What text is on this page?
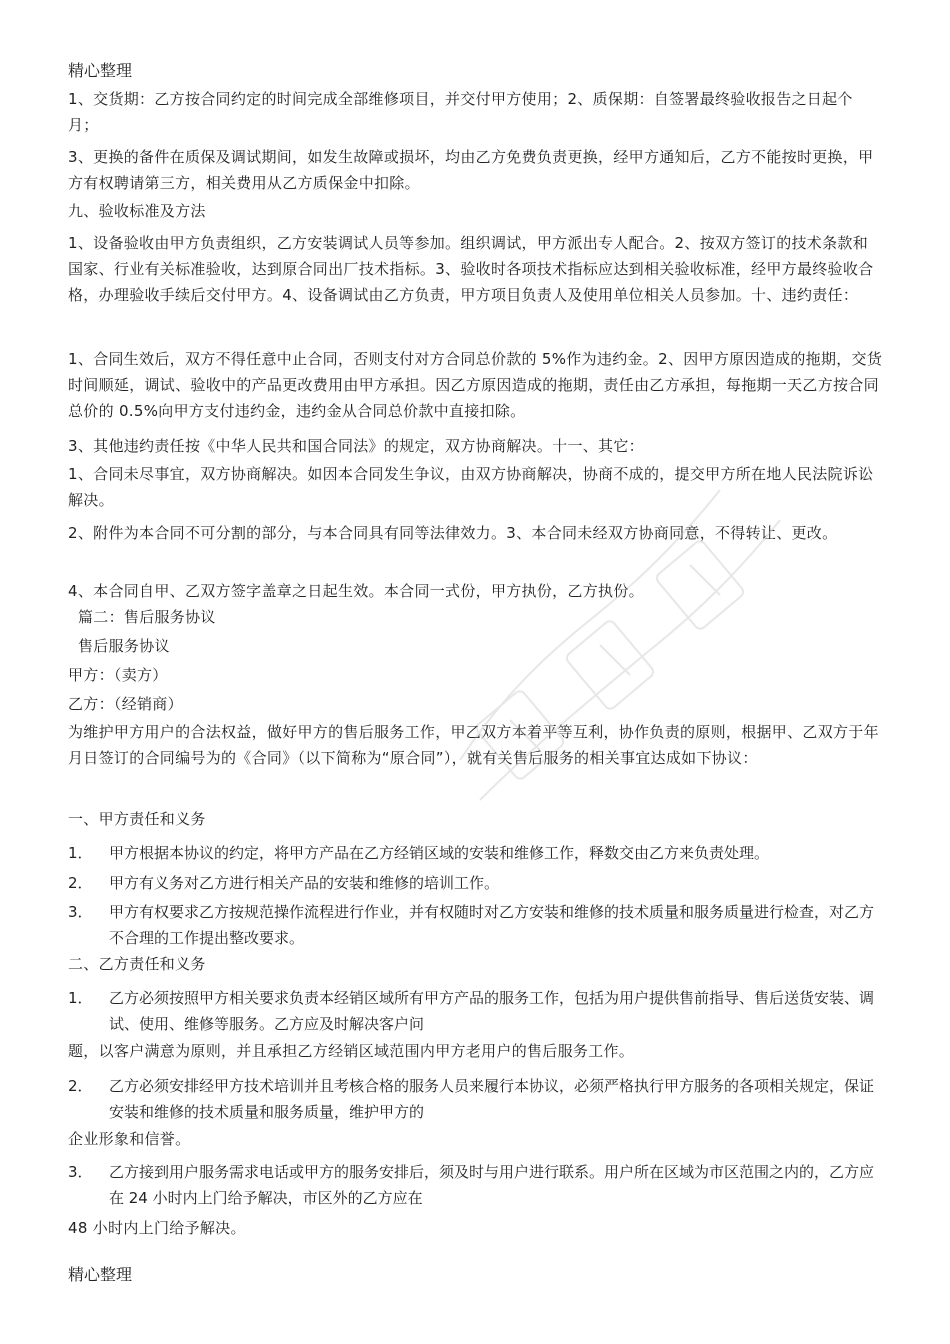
精心整理
1、交货期：乙方按合同约定的时间完成全部维修项目，并交付甲方使用；2、质保期：自签署最终验收报告之日起个月；
3、更换的备件在质保及调试期间，如发生故障或损坏，均由乙方免费负责更换，经甲方通知后，乙方不能按时更换，甲方有权聘请第三方，相关费用从乙方质保金中扣除。
九、验收标准及方法
1、设备验收由甲方负责组织，乙方安装调试人员等参加。组织调试，甲方派出专人配合。2、按双方签订的技术条款和国家、行业有关标准验收，达到原合同出厂技术指标。3、验收时各项技术指标应达到相关验收标准，经甲方最终验收合格，办理验收手续后交付甲方。4、设备调试由乙方负责，甲方项目负责人及使用单位相关人员参加。十、违约责任：
1、合同生效后，双方不得任意中止合同，否则支付对方合同总价款的 5%作为违约金。2、因甲方原因造成的拖期，交货时间顺延，调试、验收中的产品更改费用由甲方承担。因乙方原因造成的拖期，责任由乙方承担，每拖期一天乙方按合同总价的 0.5%向甲方支付违约金，违约金从合同总价款中直接扣除。
3、其他违约责任按《中华人民共和国合同法》的规定，双方协商解决。十一、其它：
1、合同未尽事宜，双方协商解决。如因本合同发生争议，由双方协商解决，协商不成的，提交甲方所在地人民法院诉讼解决。
2、附件为本合同不可分割的部分，与本合同具有同等法律效力。3、本合同未经双方协商同意，不得转让、更改。
4、本合同自甲、乙双方签字盖章之日起生效。本合同一式份，甲方执份，乙方执份。
篇二：售后服务协议
售后服务协议
甲方：（卖方）
乙方：（经销商）
为维护甲方用户的合法权益，做好甲方的售后服务工作，甲乙双方本着平等互利，协作负责的原则，根据甲、乙双方于年月日签订的合同编号为的《合同》（以下简称为“原合同”），就有关售后服务的相关事宜达成如下协议：
一、甲方责任和义务
1．	甲方根据本协议的约定，将甲方产品在乙方经销区域的安装和维修工作，释数交由乙方来负责处理。
2．	甲方有义务对乙方进行相关产品的安装和维修的培训工作。
3．	甲方有权要求乙方按规范操作流程进行作业，并有权随时对乙方安装和维修的技术质量和服务质量进行检查，对乙方不合理的工作提出整改要求。
二、乙方责任和义务
1．	乙方必须按照甲方相关要求负责本经销区域所有甲方产品的服务工作，包括为用户提供售前指导、售后送货安装、调试、使用、维修等服务。乙方应及时解决客户问
题，以客户满意为原则，并且承担乙方经销区域范围内甲方老用户的售后服务工作。
2．	乙方必须安排经甲方技术培训并且考核合格的服务人员来履行本协议，必须严格执行甲方服务的各项相关规定，保证安装和维修的技术质量和服务质量，维护甲方的
企业形象和信誉。
3．	乙方接到用户服务需求电话或甲方的服务安排后，须及时与用户进行联系。用户所在区域为市区范围之内的，乙方应在 24 小时内上门给予解决，市区外的乙方应在
48 小时内上门给予解决。
精心整理
